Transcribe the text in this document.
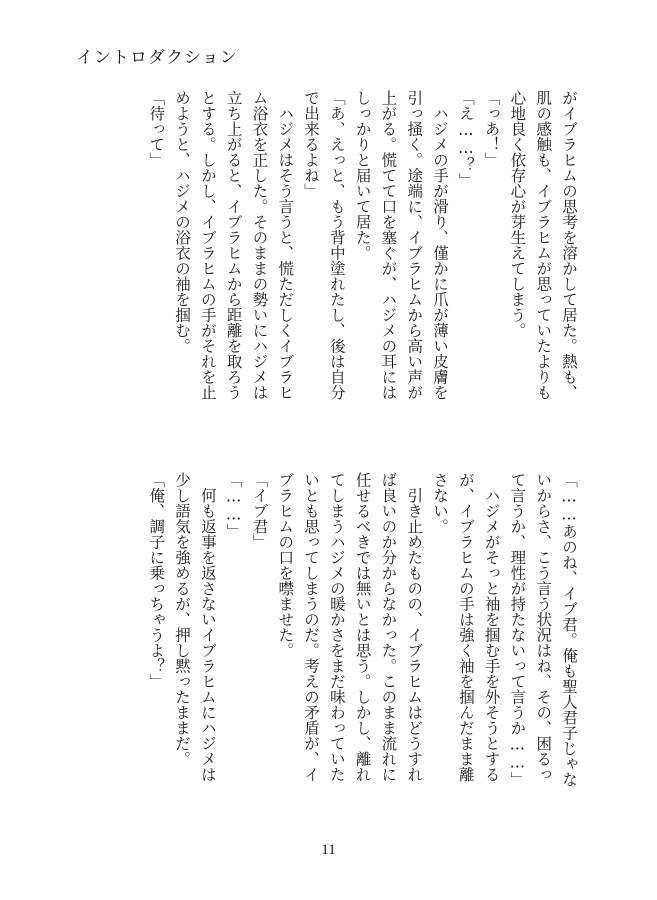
イントロダクション

がイブラヒムの思考を溶かして居た。熱も、

肌の感触も、イブラヒムが思っていたよりも

心地良く依存心が芽生えてしまう。

「っあ！」

「え……？」

　ハジメの手が滑り、僅かに爪が薄い皮膚を

引っ掻く。途端に、イブラヒムから高い声が

上がる。慌てて口を塞ぐが、ハジメの耳には

しっかりと届いて居た。

「あ、えっと、もう背中塗れたし、後は自分

で出来るよね」

　ハジメはそう言うと、慌ただしくイブラヒ

ム浴衣を正した。そのままの勢いにハジメは

立ち上がると、イブラヒムから距離を取ろう

とする。しかし、イブラヒムの手がそれを止

めようと、ハジメの浴衣の袖を掴む。

「待って」

「……あのね、イブ君。俺も聖人君子じゃな

いからさ、こう言う状況はね、その、困るっ

て言うか、理性が持たないって言うか……」

　ハジメがそっと袖を掴む手を外そうとする

が、イブラヒムの手は強く袖を掴んだまま離

さない。

　引き止めたものの、イブラヒムはどうすれ

ば良いのか分からなかった。このまま流れに

任せるべきでは無いとは思う。しかし、離れ

てしまうハジメの暖かさをまだ味わっていた

いとも思ってしまうのだ。考えの矛盾が、イ

ブラヒムの口を噤ませた。

「イブ君」

「……」

　何も返事を返さないイブラヒムにハジメは

少し語気を強めるが、押し黙ったままだ。

「俺、調子に乗っちゃうよ？」

11
